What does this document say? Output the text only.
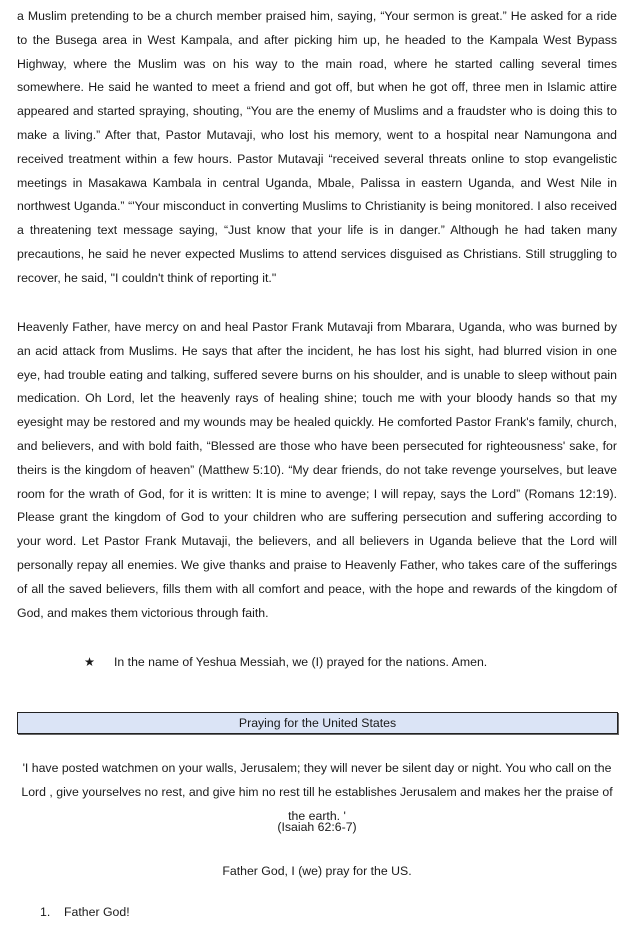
a Muslim pretending to be a church member praised him, saying, “Your sermon is great.” He asked for a ride to the Busega area in West Kampala, and after picking him up, he headed to the Kampala West Bypass Highway, where the Muslim was on his way to the main road, where he started calling several times somewhere. He said he wanted to meet a friend and got off, but when he got off, three men in Islamic attire appeared and started spraying, shouting, “You are the enemy of Muslims and a fraudster who is doing this to make a living.” After that, Pastor Mutavaji, who lost his memory, went to a hospital near Namungona and received treatment within a few hours. Pastor Mutavaji “received several threats online to stop evangelistic meetings in Masakawa Kambala in central Uganda, Mbale, Palissa in eastern Uganda, and West Nile in northwest Uganda.” “'Your misconduct in converting Muslims to Christianity is being monitored. I also received a threatening text message saying, “Just know that your life is in danger.” Although he had taken many precautions, he said he never expected Muslims to attend services disguised as Christians. Still struggling to recover, he said, "I couldn't think of reporting it."

Heavenly Father, have mercy on and heal Pastor Frank Mutavaji from Mbarara, Uganda, who was burned by an acid attack from Muslims. He says that after the incident, he has lost his sight, had blurred vision in one eye, had trouble eating and talking, suffered severe burns on his shoulder, and is unable to sleep without pain medication. Oh Lord, let the heavenly rays of healing shine; touch me with your bloody hands so that my eyesight may be restored and my wounds may be healed quickly. He comforted Pastor Frank's family, church, and believers, and with bold faith, “Blessed are those who have been persecuted for righteousness' sake, for theirs is the kingdom of heaven” (Matthew 5:10). “My dear friends, do not take revenge yourselves, but leave room for the wrath of God, for it is written: It is mine to avenge; I will repay, says the Lord” (Romans 12:19). Please grant the kingdom of God to your children who are suffering persecution and suffering according to your word. Let Pastor Frank Mutavaji, the believers, and all believers in Uganda believe that the Lord will personally repay all enemies. We give thanks and praise to Heavenly Father, who takes care of the sufferings of all the saved believers, fills them with all comfort and peace, with the hope and rewards of the kingdom of God, and makes them victorious through faith.

★ In the name of Yeshua Messiah, we (I) prayed for the nations. Amen.
Praying for the United States

'I have posted watchmen on your walls, Jerusalem; they will never be silent day or night. You who call on the Lord , give yourselves no rest, and give him no rest till he establishes Jerusalem and makes her the praise of the earth. '

(Isaiah 62:6-7)
Father God, I (we) pray for the US.
1. Father God!
